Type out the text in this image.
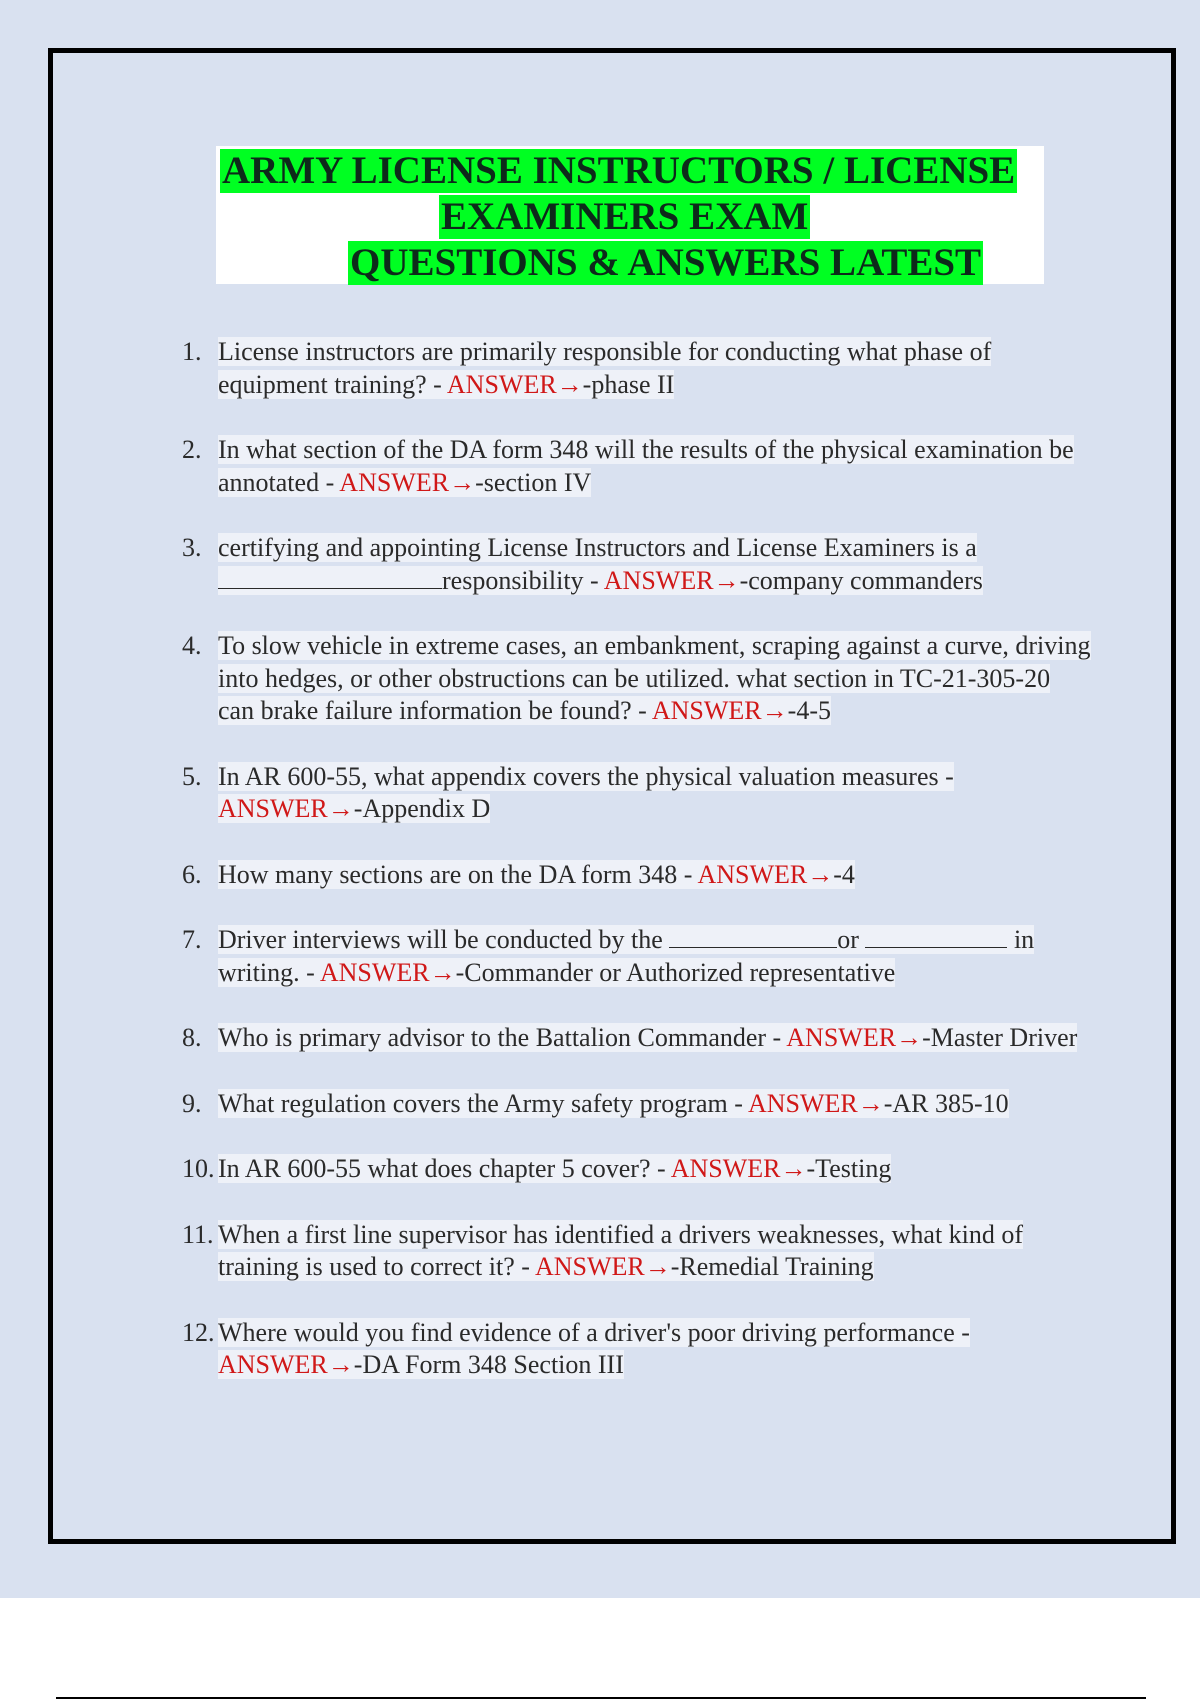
ARMY LICENSE INSTRUCTORS / LICENSE
EXAMINERS EXAM
QUESTIONS & ANSWERS LATEST
1. License instructors are primarily responsible for conducting what phase of equipment training? - ANSWER→-phase II
2. In what section of the DA form 348 will the results of the physical examination be annotated - ANSWER→-section IV
3. certifying and appointing License Instructors and License Examiners is a responsibility - ANSWER→-company commanders
4. To slow vehicle in extreme cases, an embankment, scraping against a curve, driving into hedges, or other obstructions can be utilized. what section in TC-21-305-20 can brake failure information be found? - ANSWER→-4-5
5. In AR 600-55, what appendix covers the physical valuation measures - ANSWER→-Appendix D
6. How many sections are on the DA form 348 - ANSWER→-4
7. Driver interviews will be conducted by the	or	in writing. - ANSWER→-Commander or Authorized representative
8. Who is primary advisor to the Battalion Commander - ANSWER→-Master Driver
9. What regulation covers the Army safety program - ANSWER→-AR 385-10
10. In AR 600-55 what does chapter 5 cover? - ANSWER→-Testing
11. When a first line supervisor has identified a drivers weaknesses, what kind of training is used to correct it? - ANSWER→-Remedial Training
12. Where would you find evidence of a driver's poor driving performance - ANSWER→-DA Form 348 Section III
